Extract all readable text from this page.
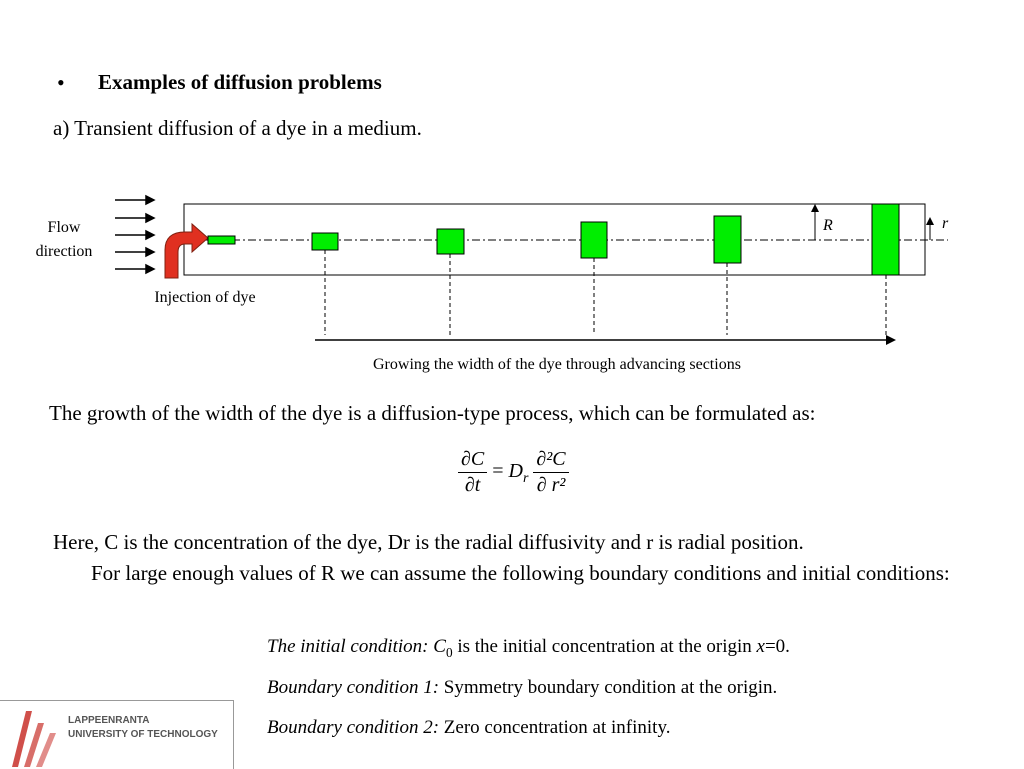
• Examples of diffusion problems
a) Transient diffusion of a dye in a medium.
R	r
Flow direction
Injection of dye
Growing the width of the dye through advancing sections
The growth of the width of the dye is a diffusion-type process, which can be formulated as:
$\frac{\partial C}{\partial t} = D_r \frac{\text{∂²C}}{\text{∂ r²}}$
Here, C is the concentration of the dye, Dr is the radial diffusivity and r is radial position.
For large enough values of R we can assume the following boundary conditions and initial conditions:
The initial condition: $C_0$ is the initial concentration at the origin x=0.
Boundary condition 1: Symmetry boundary condition at the origin.
Boundary condition 2: Zero concentration at infinity.
LAPPEENRANTA
UNIVERSITY OF TECHNOLOGY
